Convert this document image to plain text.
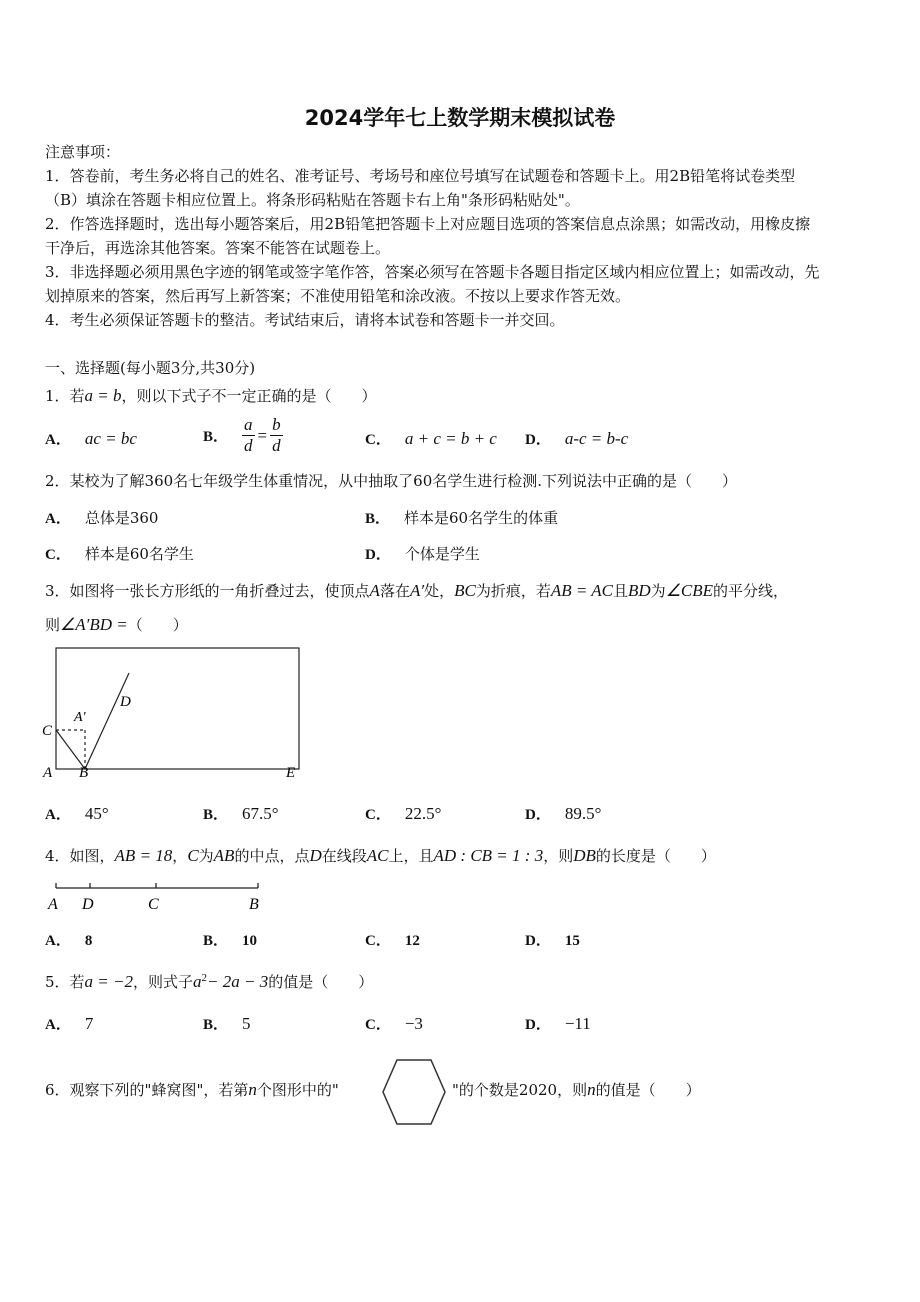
2024学年七上数学期末模拟试卷
注意事项：
1．答卷前，考生务必将自己的姓名、准考证号、考场号和座位号填写在试题卷和答题卡上。用2B铅笔将试卷类型
（B）填涂在答题卡相应位置上。将条形码粘贴在答题卡右上角"条形码粘贴处"。
2．作答选择题时，选出每小题答案后，用2B铅笔把答题卡上对应题目选项的答案信息点涂黑；如需改动，用橡皮擦
干净后，再选涂其他答案。答案不能答在试题卷上。
3．非选择题必须用黑色字迹的钢笔或签字笔作答，答案必须写在答题卡各题目指定区域内相应位置上；如需改动，先
划掉原来的答案，然后再写上新答案；不准使用铅笔和涂改液。不按以上要求作答无效。
4．考生必须保证答题卡的整洁。考试结束后，请将本试卷和答题卡一并交回。
一、选择题(每小题3分,共30分)
1．若a = b，则以下式子不一定正确的是（　　）
A． ac = bc	B． $\frac{a}{d} = \frac{b}{d}$	C． a + c = b + c D． a-c = b-c
2．某校为了解360名七年级学生体重情况，从中抽取了60名学生进行检测.下列说法中正确的是（　　）
A． 总体是360	B． 样本是60名学生的体重
C． 样本是60名学生	D． 个体是学生
3．如图将一张长方形纸的一角折叠过去，使顶点A落在A′处，BC为折痕，若AB = AC且BD为∠CBE的平分线，
则∠A′BD =（　　）
C
A′
D
A B	E
A． 45°	B． 67.5°	C． 22.5°	D． 89.5°
4．如图，AB = 18，C为AB的中点，点D在线段AC上，且AD : CB = 1 : 3，则DB的长度是（　　）
A D	C	B
A． 8	B． 10	C． 12	D． 15
5．若a = −2，则式子$a^2- 2a - 3$的值是（　　）
A． 7	B． 5	C． −3	D． −11
6．观察下列的"蜂窝图"，若第n个图形中的"	"的个数是2020，则n的值是（　　）
